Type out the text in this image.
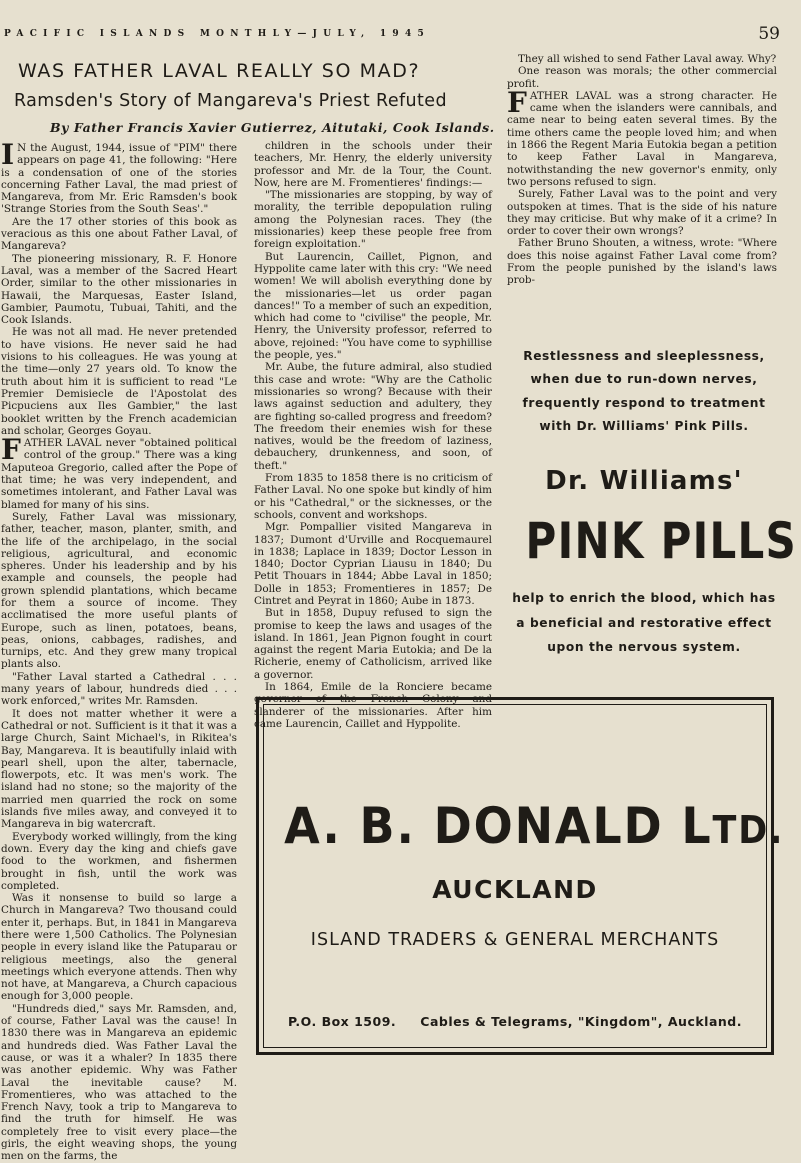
PACIFIC ISLANDS MONTHLY—JULY, 1945	59
WAS FATHER LAVAL REALLY SO MAD?
Ramsden's Story of Mangareva's Priest Refuted
By Father Francis Xavier Gutierrez, Aitutaki, Cook Islands.

I N the August, 1944, issue of "PIM" there appears on page 41, the following: "Here is a condensation of one of the stories concerning Father Laval, the mad priest of Mangareva, from Mr. Eric Ramsden's book 'Strange Stories from the South Seas'."

Are the 17 other stories of this book as veracious as this one about Father Laval, of Mangareva?

The pioneering missionary, R. F. Honore Laval, was a member of the Sacred Heart Order, similar to the other missionaries in Hawaii, the Marquesas, Easter Island, Gambier, Paumotu, Tubuai, Tahiti, and the Cook Islands.

He was not all mad. He never pretended to have visions. He never said he had visions to his colleagues. He was young at the time—only 27 years old. To know the truth about him it is sufficient to read "Le Premier Demisiecle de l'Apostolat des Picpuciens aux Iles Gambier," the last booklet written by the French academician and scholar, Georges Goyau.

FATHER LAVAL never "obtained political control of the group." There was a king Maputeoa Gregorio, called after the Pope of that time; he was very independent, and sometimes intolerant, and Father Laval was blamed for many of his sins.

Surely, Father Laval was missionary, father, teacher, mason, planter, smith, and the life of the archipelago, in the social religious, agricultural, and economic spheres. Under his leadership and by his example and counsels, the people had grown splendid plantations, which became for them a source of income. They acclimatised the more useful plants of Europe, such as linen, potatoes, beans, peas, onions, cabbages, radishes, and turnips, etc. And they grew many tropical plants also.

"Father Laval started a Cathedral . . . many years of labour, hundreds died . . . work enforced," writes Mr. Ramsden.

It does not matter whether it were a Cathedral or not. Sufficient is it that it was a large Church, Saint Michael's, in Rikitea's Bay, Mangareva. It is beautifully inlaid with pearl shell, upon the alter, tabernacle, flowerpots, etc. It was men's work. The island had no stone; so the majority of the married men quarried the rock on some islands five miles away, and conveyed it to Mangareva in big watercraft.

Everybody worked willingly, from the king down. Every day the king and chiefs gave food to the workmen, and fishermen brought in fish, until the work was completed.

Was it nonsense to build so large a Church in Mangareva? Two thousand could enter it, perhaps. But, in 1841 in Mangareva there were 1,500 Catholics. The Polynesian people in every island like the Patuparau or religious meetings, also the general meetings which everyone attends. Then why not have, at Mangareva, a Church capacious enough for 3,000 people.

"Hundreds died," says Mr. Ramsden, and, of course, Father Laval was the cause! In 1830 there was in Mangareva an epidemic and hundreds died. Was Father Laval the cause, or was it a whaler? In 1835 there was another epidemic. Why was Father Laval the inevitable cause? M. Fromentieres, who was attached to the French Navy, took a trip to Mangareva to find the truth for himself. He was completely free to visit every place—the girls, the eight weaving shops, the young men on the farms, the

children in the schools under their teachers, Mr. Henry, the elderly university professor and Mr. de la Tour, the Count. Now, here are M. Fromentieres' findings:—

"The missionaries are stopping, by way of morality, the terrible depopulation ruling among the Polynesian races. They (the missionaries) keep these people free from foreign exploitation."

But Laurencin, Caillet, Pignon, and Hyppolite came later with this cry: "We need women! We will abolish everything done by the missionaries—let us order pagan dances!" To a member of such an expedition, which had come to "civilise" the people, Mr. Henry, the University professor, referred to above, rejoined: "You have come to syphillise the people, yes."

Mr. Aube, the future admiral, also studied this case and wrote: "Why are the Catholic missionaries so wrong? Because with their laws against seduction and adultery, they are fighting so-called progress and freedom? The freedom their enemies wish for these natives, would be the freedom of laziness, debauchery, drunkenness, and soon, of theft."

From 1835 to 1858 there is no criticism of Father Laval. No one spoke but kindly of him or his "Cathedral," or the sicknesses, or the schools, convent and workshops.

Mgr. Pompallier visited Mangareva in 1837; Dumont d'Urville and Rocquemaurel in 1838; Laplace in 1839; Doctor Lesson in 1840; Doctor Cyprian Liausu in 1840; Du Petit Thouars in 1844; Abbe Laval in 1850; Dolle in 1853; Fromentieres in 1857; De Cintret and Peyrat in 1860; Aube in 1873.

But in 1858, Dupuy refused to sign the promise to keep the laws and usages of the island. In 1861, Jean Pignon fought in court against the regent Maria Eutokia; and De la Richerie, enemy of Catholicism, arrived like a governor.

In 1864, Emile de la Ronciere became governor of the French Colony and slanderer of the missionaries. After him came Laurencin, Caillet and Hyppolite.

They all wished to send Father Laval away. Why?

One reason was morals; the other commercial profit.

FATHER LAVAL was a strong character. He came when the islanders were cannibals, and came near to being eaten several times. By the time others came the people loved him; and when in 1866 the Regent Maria Eutokia began a petition to keep Father Laval in Mangareva, notwithstanding the new governor's enmity, only two persons refused to sign.

Surely, Father Laval was to the point and very outspoken at times. That is the side of his nature they may criticise. But why make of it a crime? In order to cover their own wrongs?

Father Bruno Shouten, a witness, wrote: "Where does this noise against Father Laval come from? From the people punished by the island's laws prob-

Restlessness and sleeplessness,
when due to run-down nerves,
frequently respond to treatment
with Dr. Williams' Pink Pills.
Dr. Williams'
PINK PILLS
help to enrich the blood, which has
a beneficial and restorative effect
upon the nervous system.
A. B. DONALD LTD.
AUCKLAND
ISLAND TRADERS & GENERAL MERCHANTS
P.O. Box 1509. Cables & Telegrams, "Kingdom", Auckland.
